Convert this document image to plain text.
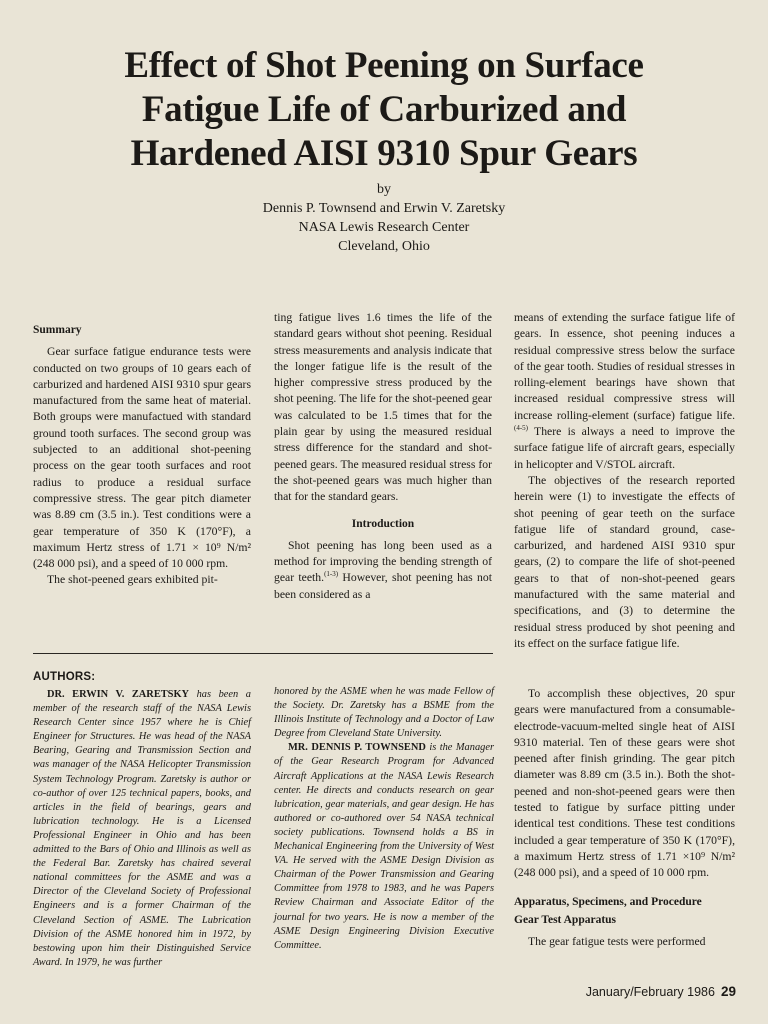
Effect of Shot Peening on Surface
Fatigue Life of Carburized and
Hardened AISI 9310 Spur Gears
by
Dennis P. Townsend and Erwin V. Zaretsky
NASA Lewis Research Center
Cleveland, Ohio
Summary

Gear surface fatigue endurance tests were conducted on two groups of 10 gears each of carburized and hardened AISI 9310 spur gears manufactured from the same heat of material. Both groups were manufactued with standard ground tooth surfaces. The second group was subjected to an additional shot-peening process on the gear tooth surfaces and root radius to produce a residual surface compressive stress. The gear pitch diameter was 8.89 cm (3.5 in.). Test conditions were a gear temperature of 350 K (170°F), a maximum Hertz stress of 1.71 × 10⁹ N/m² (248 000 psi), and a speed of 10 000 rpm.

The shot-peened gears exhibited pit-

ting fatigue lives 1.6 times the life of the standard gears without shot peening. Residual stress measurements and analysis indicate that the longer fatigue life is the result of the higher compressive stress produced by the shot peening. The life for the shot-peened gear was calculated to be 1.5 times that for the plain gear by using the measured residual stress difference for the standard and shot-peened gears. The measured residual stress for the shot-peened gears was much higher than that for the standard gears.

Introduction

Shot peening has long been used as a method for improving the bending strength of gear teeth.$^{(1-3)}$ However, shot peening has not been considered as a

means of extending the surface fatigue life of gears. In essence, shot peening induces a residual compressive stress below the surface of the gear tooth. Studies of residual stresses in rolling-element bearings have shown that increased residual compressive stress will increase rolling-element (surface) fatigue life.$^{(4-5)}$ There is always a need to improve the surface fatigue life of aircraft gears, especially in helicopter and V/STOL aircraft.

The objectives of the research reported herein were (1) to investigate the effects of shot peening of gear teeth on the surface fatigue life of standard ground, case-carburized, and hardened AISI 9310 spur gears, (2) to compare the life of shot-peened gears to that of non-shot-peened gears manufactured with the same material and specifications, and (3) to determine the residual stress produced by shot peening and its effect on the surface fatigue life.

To accomplish these objectives, 20 spur gears were manufactured from a consumable-electrode-vacuum-melted single heat of AISI 9310 material. Ten of these gears were shot peened after finish grinding. The gear pitch diameter was 8.89 cm (3.5 in.). Both the shot-peened and non-shot-peened gears were then tested to fatigue by surface pitting under identical test conditions. These test conditions included a gear temperature of 350 K (170°F), a maximum Hertz stress of 1.71 ×10⁹ N/m² (248 000 psi), and a speed of 10 000 rpm.

Apparatus, Specimens, and Procedure
Gear Test Apparatus

The gear fatigue tests were performed

AUTHORS:
DR. ERWIN V. ZARETSKY has been a member of the research staff of the NASA Lewis Research Center since 1957 where he is Chief Engineer for Structures. He was head of the NASA Bearing, Gearing and Transmission Section and was manager of the NASA Helicopter Transmission System Technology Program. Zaretsky is author or co-author of over 125 technical papers, books, and articles in the field of bearings, gears and lubrication technology. He is a Licensed Professional Engineer in Ohio and has been admitted to the Bars of Ohio and Illinois as well as the Federal Bar. Zaretsky has chaired several national committees for the ASME and was a Director of the Cleveland Society of Professional Engineers and is a former Chairman of the Cleveland Section of ASME. The Lubrication Division of the ASME honored him in 1972, by bestowing upon him their Distinguished Service Award. In 1979, he was further
honored by the ASME when he was made Fellow of the Society. Dr. Zaretsky has a BSME from the Illinois Institute of Technology and a Doctor of Law Degree from Cleveland State University.

MR. DENNIS P. TOWNSEND is the Manager of the Gear Research Program for Advanced Aircraft Applications at the NASA Lewis Research center. He directs and conducts research on gear lubrication, gear materials, and gear design. He has authored or co-authored over 54 NASA technical society publications. Townsend holds a BS in Mechanical Engineering from the University of West VA. He served with the ASME Design Division as Chairman of the Power Transmission and Gearing Committee from 1978 to 1983, and he was Papers Review Chairman and Associate Editor of the journal for two years. He is now a member of the ASME Design Engineering Division Executive Committee.

January/February 1986 29
